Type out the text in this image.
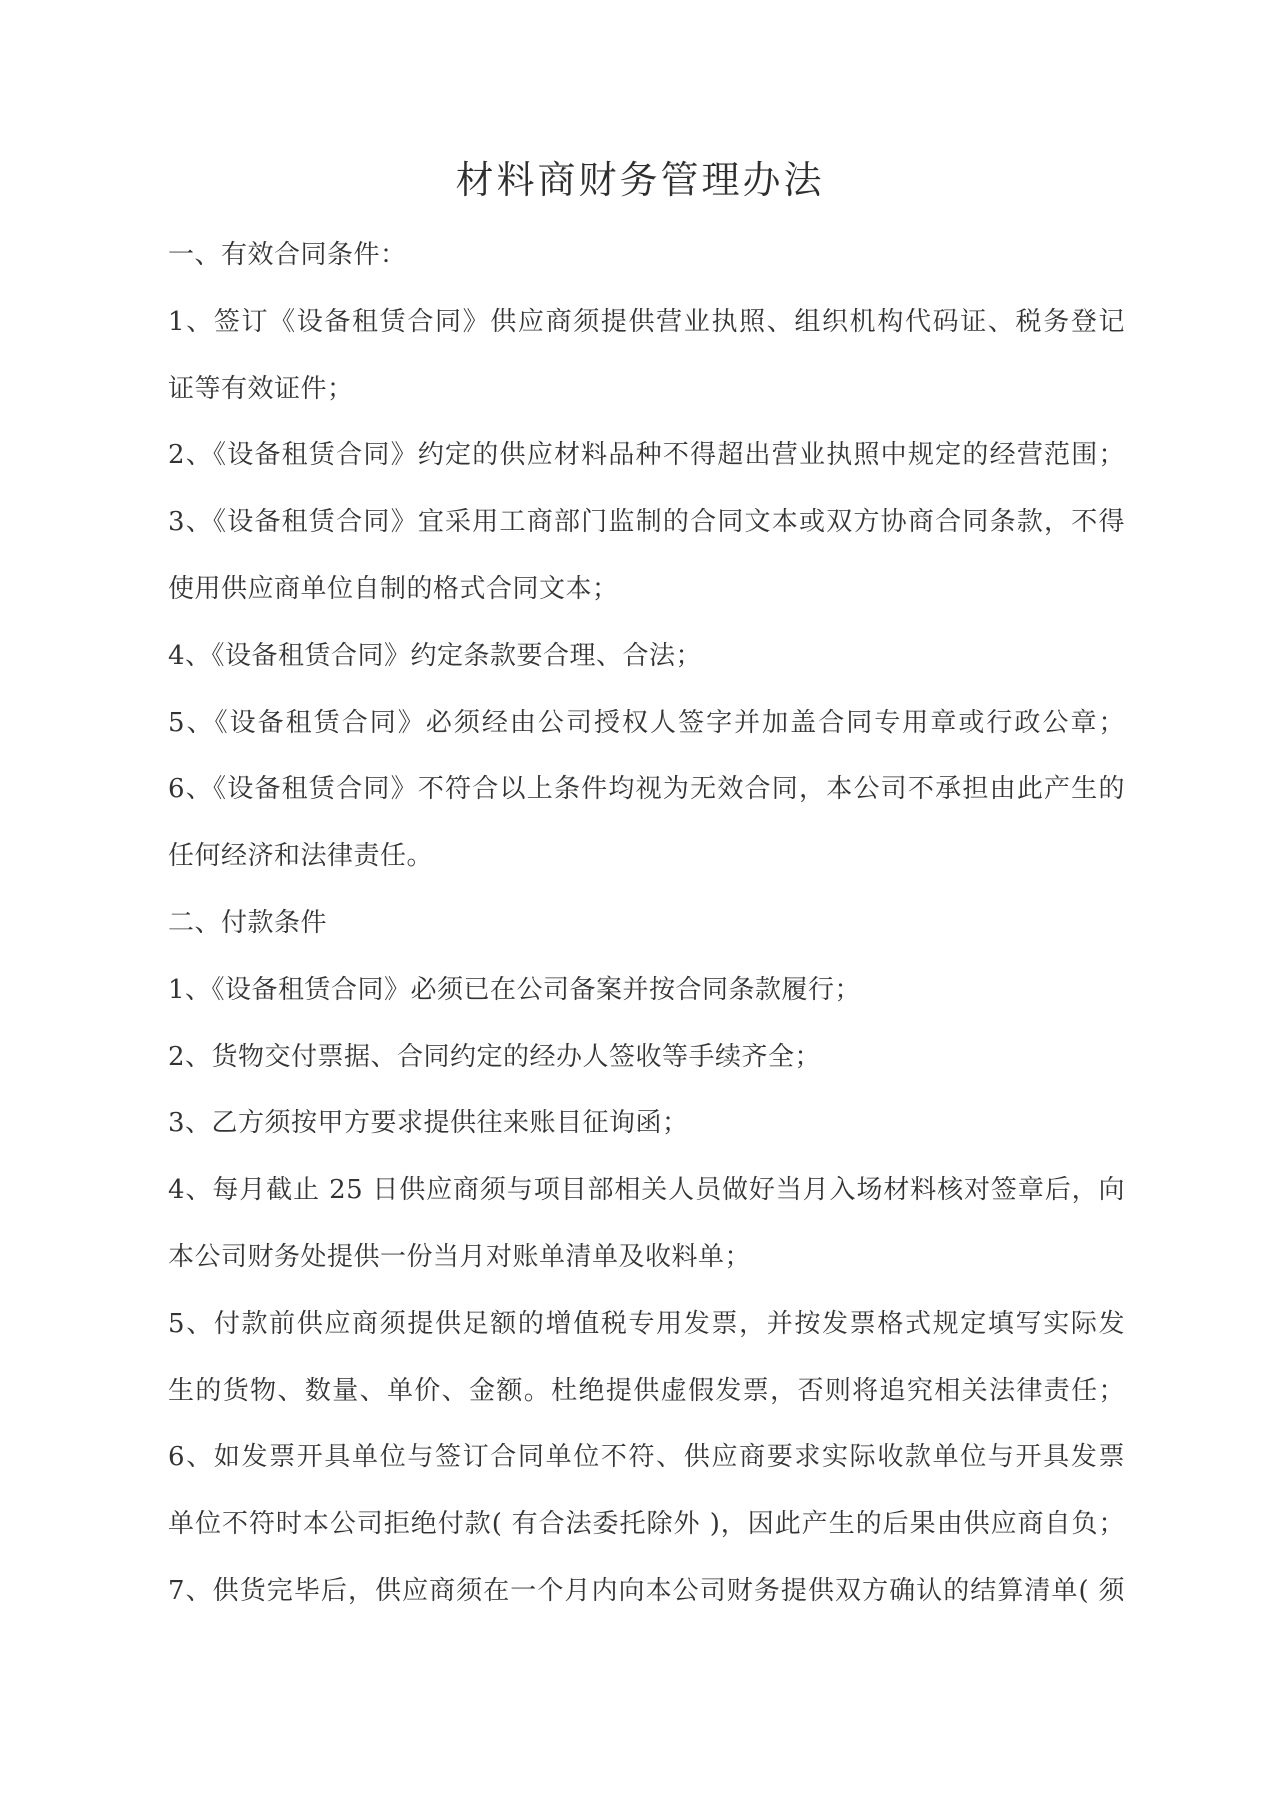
材料商财务管理办法
一、有效合同条件：
1、签订《设备租赁合同》供应商须提供营业执照、组织机构代码证、税务登记
证等有效证件；
2、《设备租赁合同》约定的供应材料品种不得超出营业执照中规定的经营范围；
3、《设备租赁合同》宜采用工商部门监制的合同文本或双方协商合同条款，不得
使用供应商单位自制的格式合同文本；
4、《设备租赁合同》约定条款要合理、合法；
5、《设备租赁合同》必须经由公司授权人签字并加盖合同专用章或行政公章；
6、《设备租赁合同》不符合以上条件均视为无效合同，本公司不承担由此产生的
任何经济和法律责任。
二、付款条件
1、《设备租赁合同》必须已在公司备案并按合同条款履行；
2、货物交付票据、合同约定的经办人签收等手续齐全；
3、乙方须按甲方要求提供往来账目征询函；
4、每月截止 25 日供应商须与项目部相关人员做好当月入场材料核对签章后，向
本公司财务处提供一份当月对账单清单及收料单；
5、付款前供应商须提供足额的增值税专用发票，并按发票格式规定填写实际发
生的货物、数量、单价、金额。杜绝提供虚假发票，否则将追究相关法律责任；
6、如发票开具单位与签订合同单位不符、供应商要求实际收款单位与开具发票
单位不符时本公司拒绝付款( 有合法委托除外 )，因此产生的后果由供应商自负；
7、供货完毕后，供应商须在一个月内向本公司财务提供双方确认的结算清单( 须
